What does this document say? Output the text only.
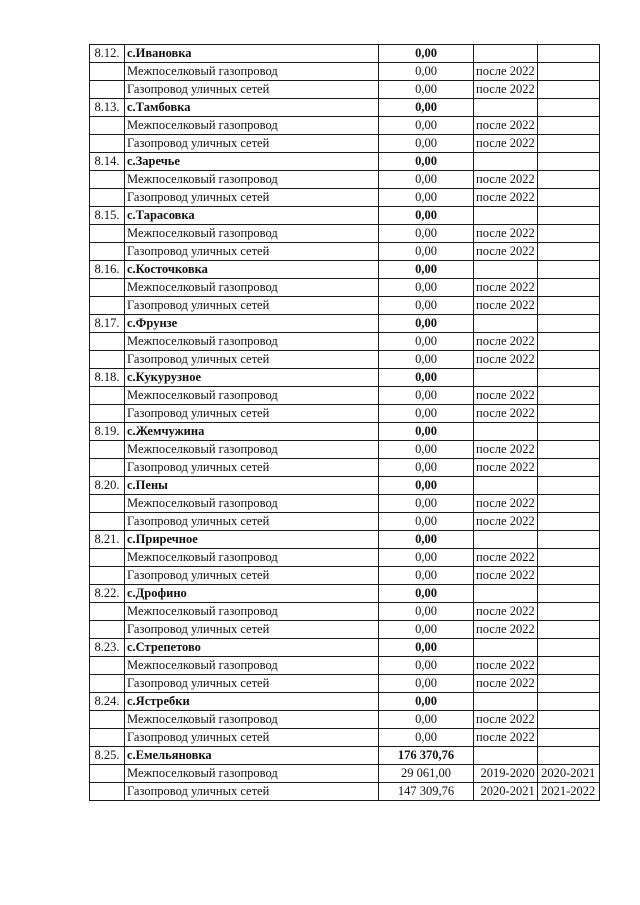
8.12.	с.Ивановка	0,00		
	Межпоселковый газопровод	0,00	после 2022	
	Газопровод уличных сетей	0,00	после 2022	
8.13.	с.Тамбовка	0,00		
	Межпоселковый газопровод	0,00	после 2022	
	Газопровод уличных сетей	0,00	после 2022	
8.14.	с.Заречье	0,00		
	Межпоселковый газопровод	0,00	после 2022	
	Газопровод уличных сетей	0,00	после 2022	
8.15.	с.Тарасовка	0,00		
	Межпоселковый газопровод	0,00	после 2022	
	Газопровод уличных сетей	0,00	после 2022	
8.16.	с.Косточковка	0,00		
	Межпоселковый газопровод	0,00	после 2022	
	Газопровод уличных сетей	0,00	после 2022	
8.17.	с.Фрунзе	0,00		
	Межпоселковый газопровод	0,00	после 2022	
	Газопровод уличных сетей	0,00	после 2022	
8.18.	с.Кукурузное	0,00		
	Межпоселковый газопровод	0,00	после 2022	
	Газопровод уличных сетей	0,00	после 2022	
8.19.	с.Жемчужина	0,00		
	Межпоселковый газопровод	0,00	после 2022	
	Газопровод уличных сетей	0,00	после 2022	
8.20.	с.Пены	0,00		
	Межпоселковый газопровод	0,00	после 2022	
	Газопровод уличных сетей	0,00	после 2022	
8.21.	с.Приречное	0,00		
	Межпоселковый газопровод	0,00	после 2022	
	Газопровод уличных сетей	0,00	после 2022	
8.22.	с.Дрофино	0,00		
	Межпоселковый газопровод	0,00	после 2022	
	Газопровод уличных сетей	0,00	после 2022	
8.23.	с.Стрепетово	0,00		
	Межпоселковый газопровод	0,00	после 2022	
	Газопровод уличных сетей	0,00	после 2022	
8.24.	с.Ястребки	0,00		
	Межпоселковый газопровод	0,00	после 2022	
	Газопровод уличных сетей	0,00	после 2022	
8.25.	с.Емельяновка	176 370,76		
	Межпоселковый газопровод	29 061,00	2019-2020	2020-2021
	Газопровод уличных сетей	147 309,76	2020-2021	2021-2022
